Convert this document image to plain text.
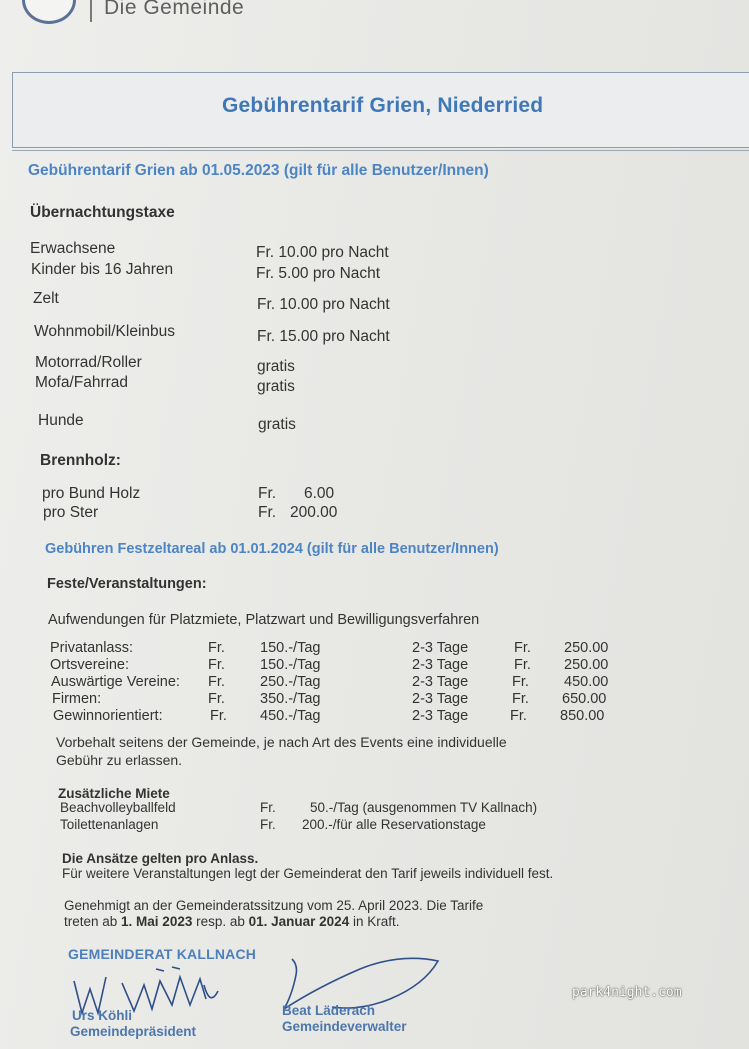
Die Gemeinde
Gebührentarif Grien, Niederried
Gebührentarif Grien ab 01.05.2023 (gilt für alle Benutzer/Innen)
Übernachtungstaxe
Erwachsene	Fr. 10.00 pro Nacht
Kinder bis 16 Jahren	Fr. 5.00 pro Nacht
Zelt	Fr. 10.00 pro Nacht
Wohnmobil/Kleinbus	Fr. 15.00 pro Nacht
Motorrad/Roller	gratis
Mofa/Fahrrad	gratis
Hunde	gratis
Brennholz:
pro Bund Holz	Fr. 6.00
pro Ster	Fr. 200.00
Gebühren Festzeltareal ab 01.01.2024 (gilt für alle Benutzer/Innen)
Feste/Veranstaltungen:
Aufwendungen für Platzmiete, Platzwart und Bewilligungsverfahren
Privatanlass:	Fr. 150.-/Tag	2-3 Tage	Fr. 250.00
Ortsvereine:	Fr. 150.-/Tag	2-3 Tage	Fr. 250.00
Auswärtige Vereine: Fr. 250.-/Tag	2-3 Tage	Fr. 450.00
Firmen:	Fr. 350.-/Tag	2-3 Tage	Fr. 650.00
Gewinnorientiert:	Fr. 450.-/Tag	2-3 Tage	Fr. 850.00
Vorbehalt seitens der Gemeinde, je nach Art des Events eine individuelle
Gebühr zu erlassen.
Zusätzliche Miete
Beachvolleyballfeld	Fr.	50.-/Tag (ausgenommen TV Kallnach)
Toilettenanlagen	Fr. 200.-/für alle Reservationstage
Die Ansätze gelten pro Anlass.
Für weitere Veranstaltungen legt der Gemeinderat den Tarif jeweils individuell fest.
Genehmigt an der Gemeinderatssitzung vom 25. April 2023. Die Tarife
treten ab 1. Mai 2023 resp. ab 01. Januar 2024 in Kraft.
GEMEINDERAT KALLNACH
Urs Köhli
Gemeindepräsident
Beat Läderach
Gemeindeverwalter
park4night.com
